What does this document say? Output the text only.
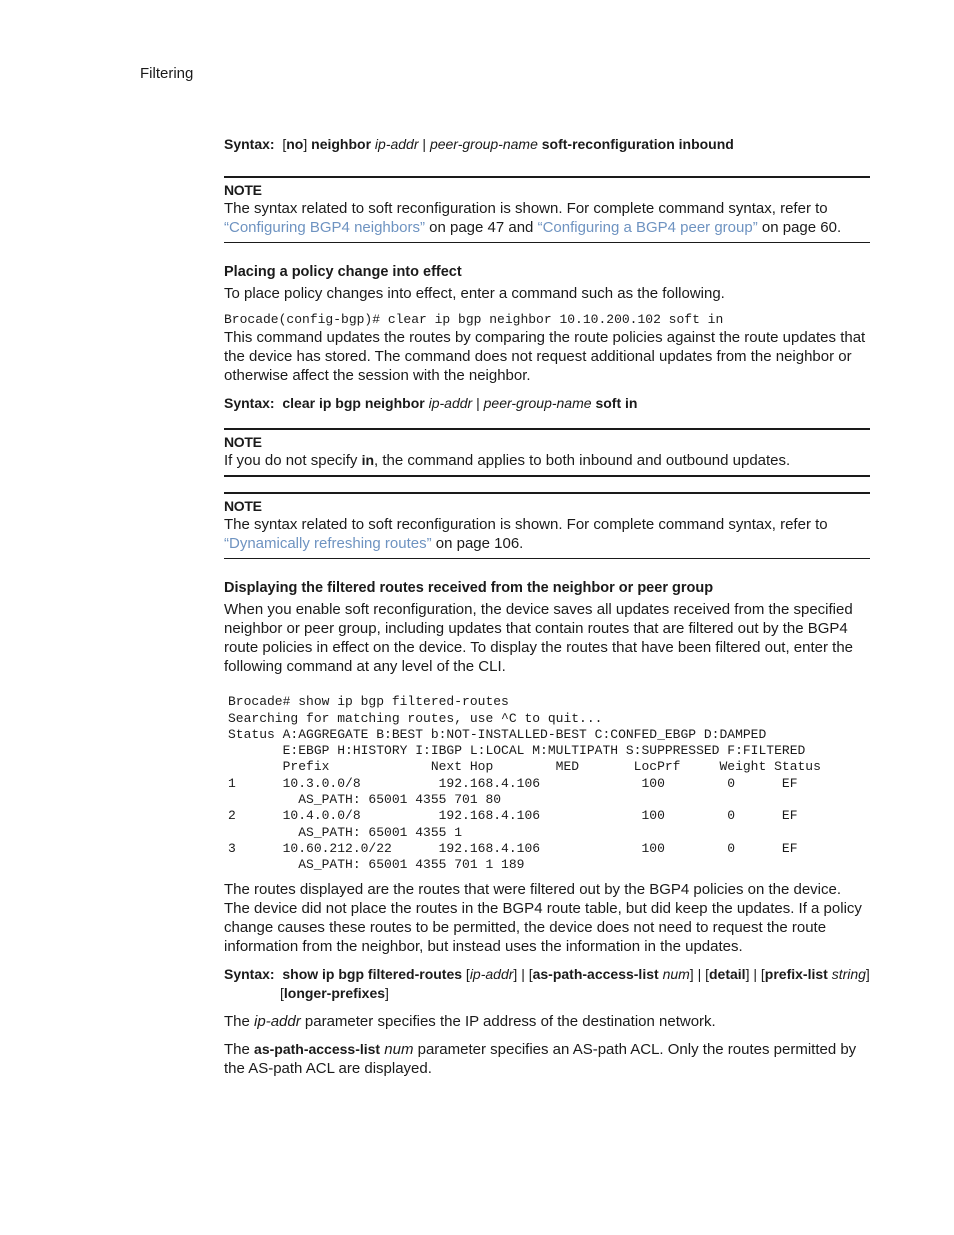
Filtering

Syntax: [no] neighbor ip-addr | peer-group-name soft-reconfiguration inbound

NOTE
The syntax related to soft reconfiguration is shown. For complete command syntax, refer to
“Configuring BGP4 neighbors” on page 47 and “Configuring a BGP4 peer group” on page 60.
Placing a policy change into effect

To place policy changes into effect, enter a command such as the following.

Brocade(config-bgp)# clear ip bgp neighbor 10.10.200.102 soft in

This command updates the routes by comparing the route policies against the route updates that the device has stored. The command does not request additional updates from the neighbor or otherwise affect the session with the neighbor.

Syntax: clear ip bgp neighbor ip-addr | peer-group-name soft in

NOTE
If you do not specify in, the command applies to both inbound and outbound updates.
NOTE
The syntax related to soft reconfiguration is shown. For complete command syntax, refer to
“Dynamically refreshing routes” on page 106.
Displaying the filtered routes received from the neighbor or peer group

When you enable soft reconfiguration, the device saves all updates received from the specified neighbor or peer group, including updates that contain routes that are filtered out by the BGP4 route policies in effect on the device. To display the routes that have been filtered out, enter the following command at any level of the CLI.

Brocade# show ip bgp filtered-routes
Searching for matching routes, use ^C to quit...
Status A:AGGREGATE B:BEST b:NOT-INSTALLED-BEST C:CONFED_EBGP D:DAMPED
E:EBGP H:HISTORY I:IBGP L:LOCAL M:MULTIPATH S:SUPPRESSED F:FILTERED
Prefix             Next Hop        MED       LocPrf     Weight Status
1      10.3.0.0/8          192.168.4.106             100        0      EF
AS_PATH: 65001 4355 701 80
2      10.4.0.0/8          192.168.4.106             100        0      EF
AS_PATH: 65001 4355 1
3      10.60.212.0/22      192.168.4.106             100        0      EF
AS_PATH: 65001 4355 701 1 189

The routes displayed are the routes that were filtered out by the BGP4 policies on the device. The device did not place the routes in the BGP4 route table, but did keep the updates. If a policy change causes these routes to be permitted, the device does not need to request the route information from the neighbor, but instead uses the information in the updates.

Syntax: show ip bgp filtered-routes [ip-addr] | [as-path-access-list num] | [detail] | [prefix-list string] [longer-prefixes]

The ip-addr parameter specifies the IP address of the destination network.

The as-path-access-list num parameter specifies an AS-path ACL. Only the routes permitted by the AS-path ACL are displayed.
